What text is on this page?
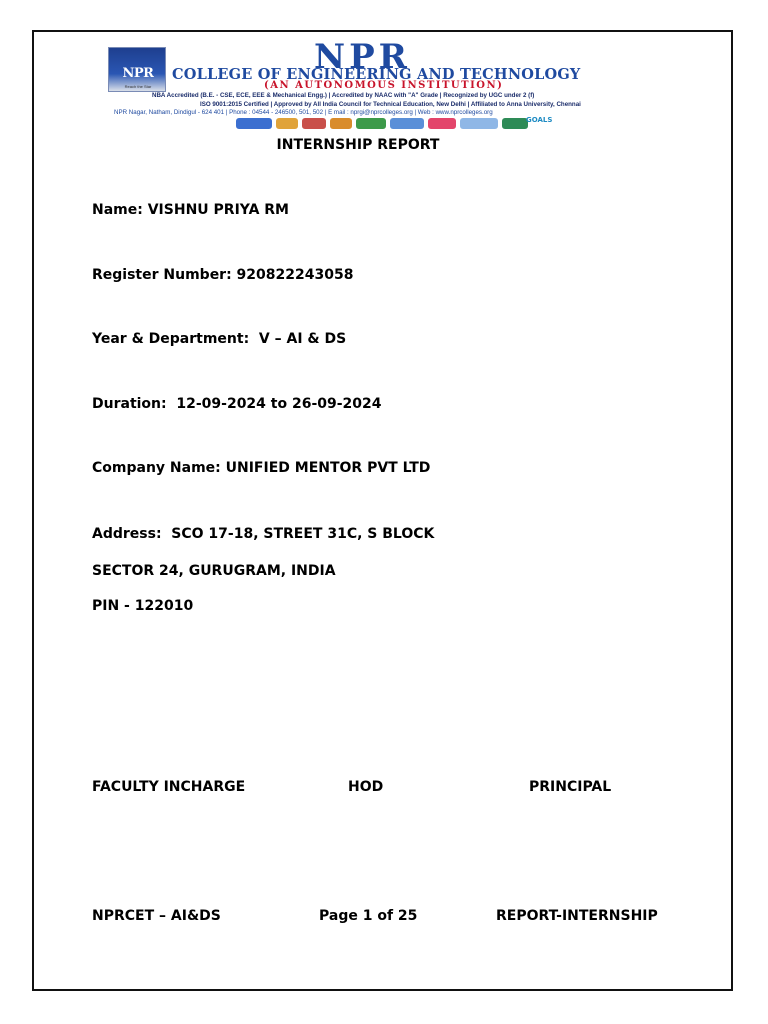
NPR
Reach the Star
NPR
COLLEGE OF ENGINEERING AND TECHNOLOGY
(AN AUTONOMOUS INSTITUTION)
NBA Accredited (B.E. - CSE, ECE, EEE & Mechanical Engg.) | Accredited by NAAC with "A" Grade | Recognized by UGC under 2 (f)
ISO 9001:2015 Certified | Approved by All India Council for Technical Education, New Delhi | Affiliated to Anna University, Chennai
NPR Nagar, Natham, Dindigul - 624 401 | Phone : 04544 - 246500, 501, 502 | E mail : nprgi@nprcolleges.org | Web : www.nprcolleges.org
GOALS
INTERNSHIP REPORT
Name: VISHNU PRIYA RM
Register Number: 920822243058
Year & Department:  V – AI & DS
Duration:  12-09-2024 to 26-09-2024
Company Name: UNIFIED MENTOR PVT LTD
Address:  SCO 17-18, STREET 31C, S BLOCK
SECTOR 24, GURUGRAM, INDIA
PIN - 122010
FACULTY INCHARGE	HOD	PRINCIPAL
NPRCET – AI&DS	Page 1 of 25	REPORT-INTERNSHIP
